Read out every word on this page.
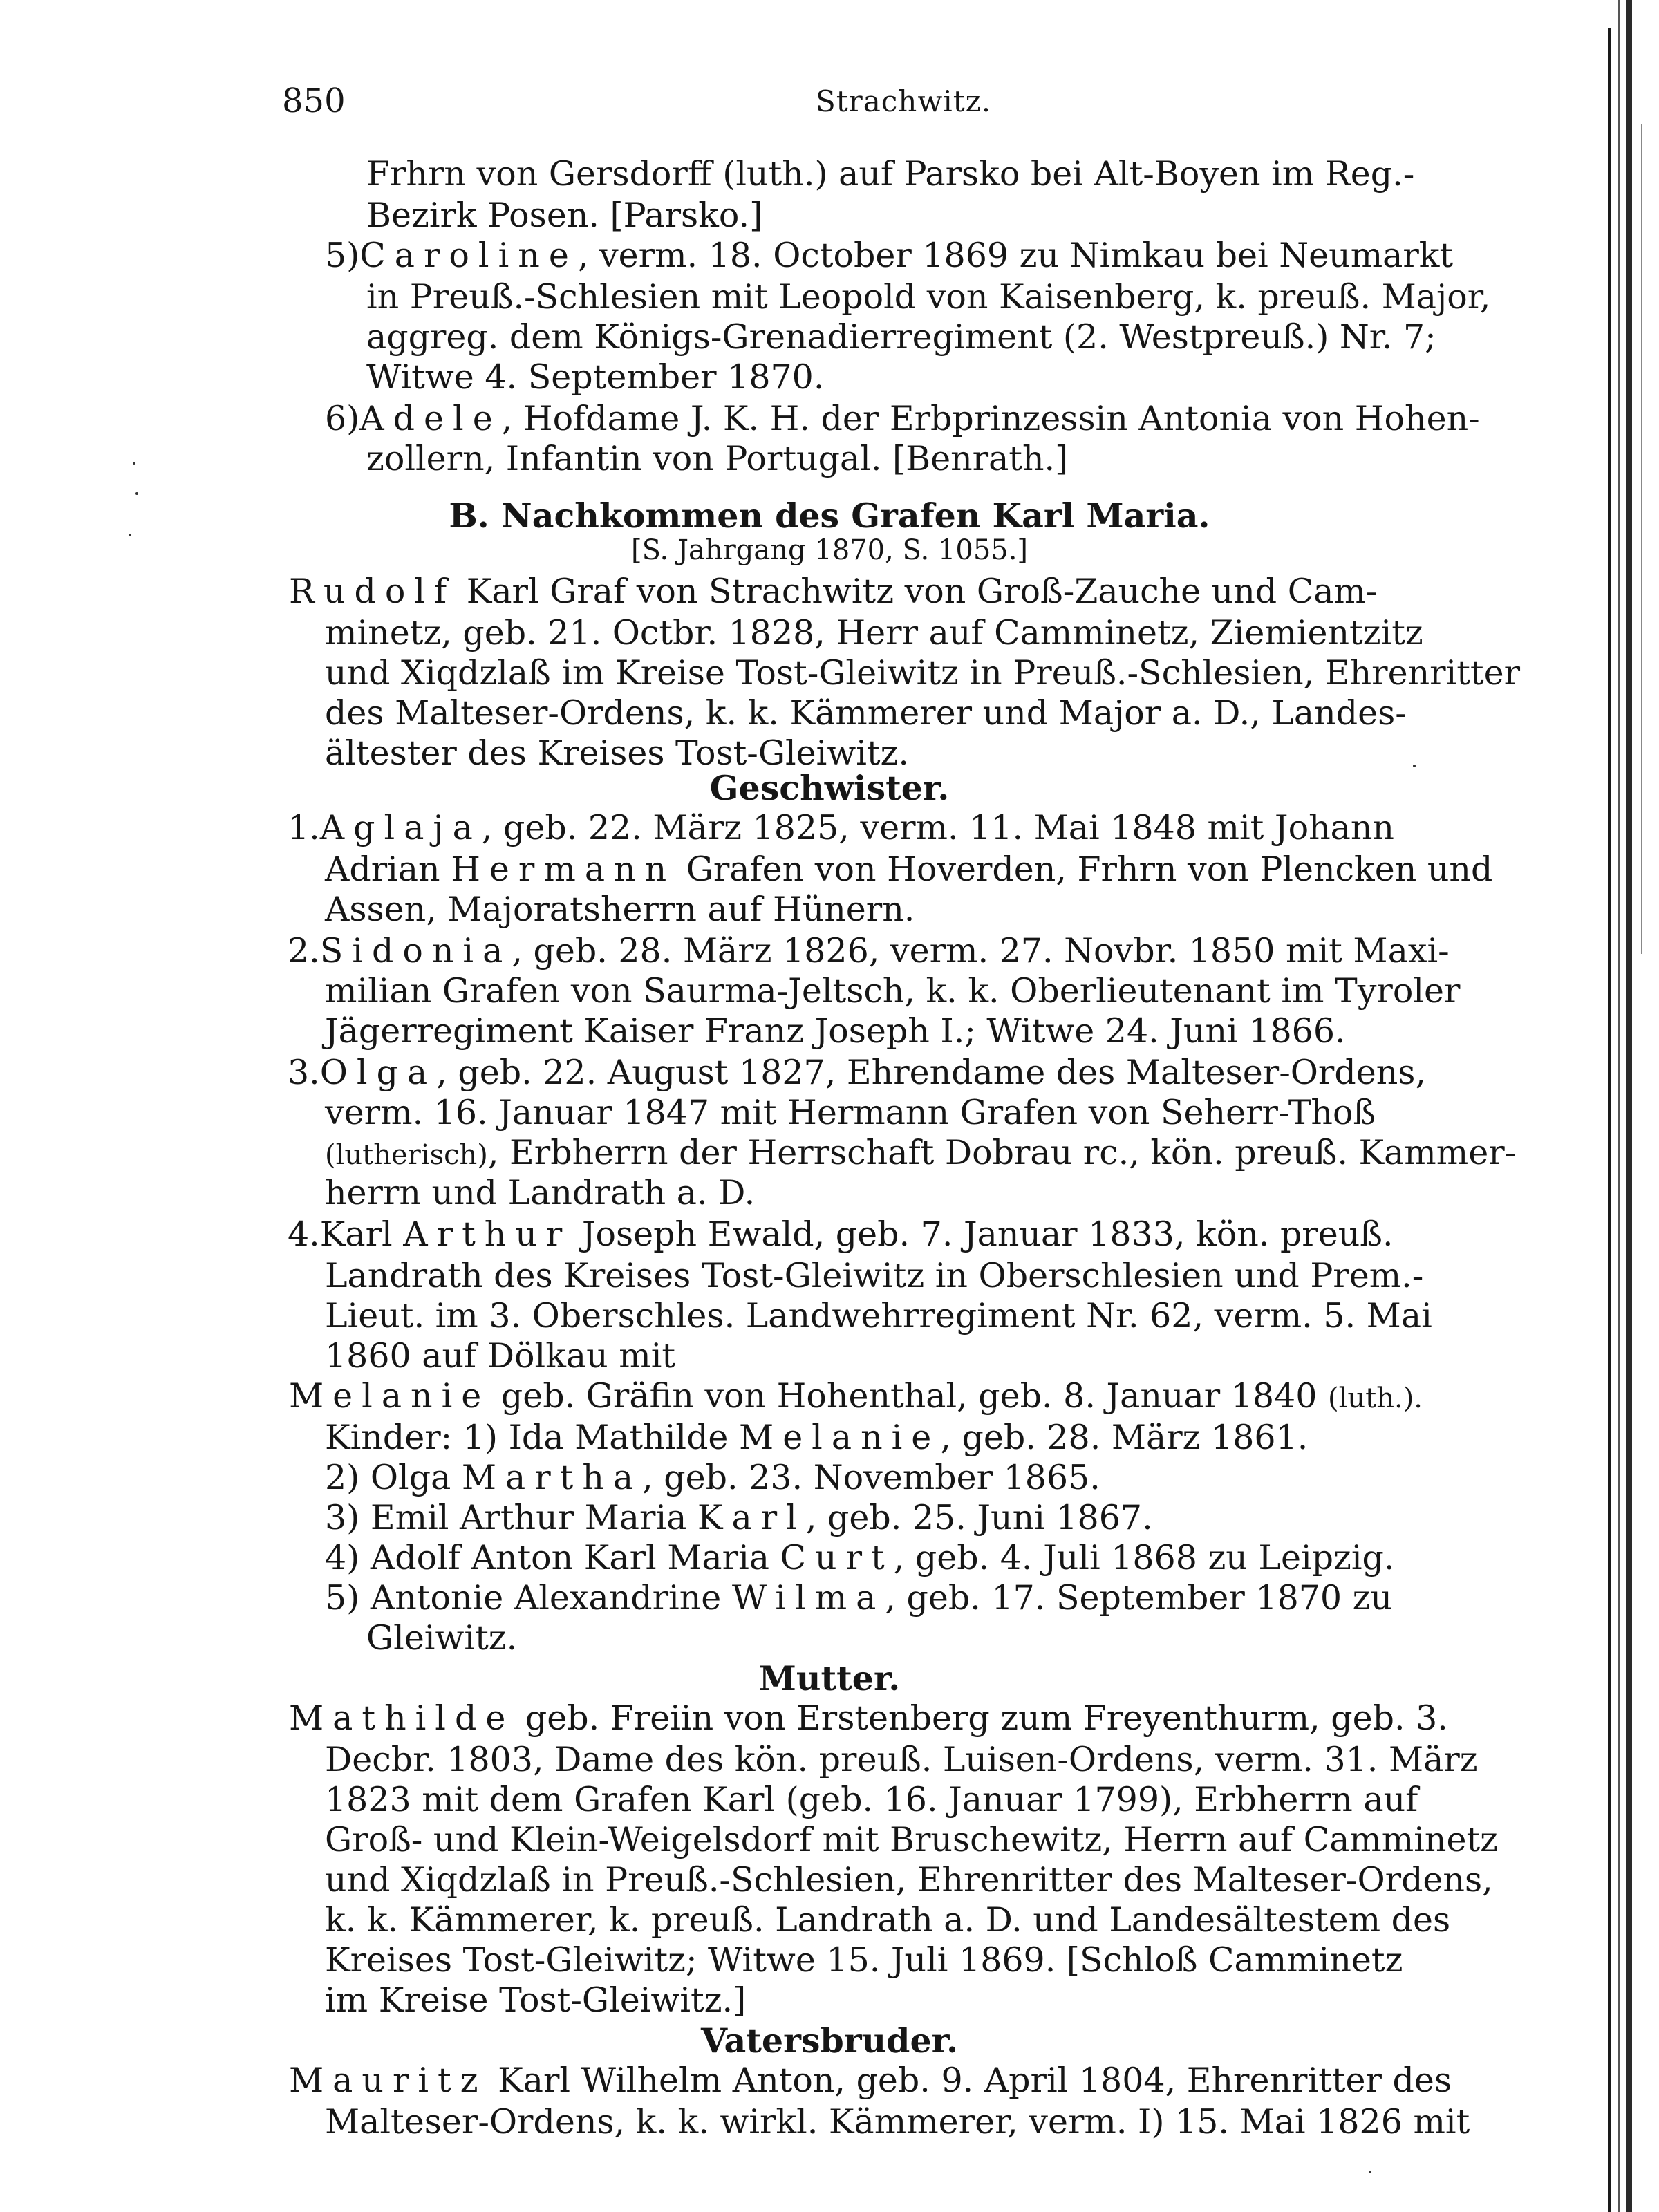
850	Strachwitz.
Frhrn von Gersdorff (luth.) auf Parsko bei Alt-Boyen im Reg.-
Bezirk Posen. [Parsko.]
5)Caroline, verm. 18. October 1869 zu Nimkau bei Neumarkt
in Preuß.-Schlesien mit Leopold von Kaisenberg, k. preuß. Major,
aggreg. dem Königs-Grenadierregiment (2. Westpreuß.) Nr. 7;
Witwe 4. September 1870.
6)Adele, Hofdame J. K. H. der Erbprinzessin Antonia von Hohen-
zollern, Infantin von Portugal. [Benrath.]
B. Nachkommen des Grafen Karl Maria.
[S. Jahrgang 1870, S. 1055.]
Rudolf Karl Graf von Strachwitz von Groß-Zauche und Cam-
minetz, geb. 21. Octbr. 1828, Herr auf Camminetz, Ziemientzitz
und Xiqdzlaß im Kreise Tost-Gleiwitz in Preuß.-Schlesien, Ehrenritter
des Malteser-Ordens, k. k. Kämmerer und Major a. D., Landes-
ältester des Kreises Tost-Gleiwitz.
Geschwister.
1.Aglaja, geb. 22. März 1825, verm. 11. Mai 1848 mit Johann
Adrian Hermann Grafen von Hoverden, Frhrn von Plencken und
Assen, Majoratsherrn auf Hünern.
2.Sidonia, geb. 28. März 1826, verm. 27. Novbr. 1850 mit Maxi-
milian Grafen von Saurma-Jeltsch, k. k. Oberlieutenant im Tyroler
Jägerregiment Kaiser Franz Joseph I.; Witwe 24. Juni 1866.
3.Olga, geb. 22. August 1827, Ehrendame des Malteser-Ordens,
verm. 16. Januar 1847 mit Hermann Grafen von Seherr-Thoß
(lutherisch), Erbherrn der Herrschaft Dobrau rc., kön. preuß. Kammer-
herrn und Landrath a. D.
4.Karl Arthur Joseph Ewald, geb. 7. Januar 1833, kön. preuß.
Landrath des Kreises Tost-Gleiwitz in Oberschlesien und Prem.-
Lieut. im 3. Oberschles. Landwehrregiment Nr. 62, verm. 5. Mai
1860 auf Dölkau mit
Melanie geb. Gräfin von Hohenthal, geb. 8. Januar 1840 (luth.).
Kinder: 1) Ida Mathilde Melanie, geb. 28. März 1861.
2) Olga Martha, geb. 23. November 1865.
3) Emil Arthur Maria Karl, geb. 25. Juni 1867.
4) Adolf Anton Karl Maria Curt, geb. 4. Juli 1868 zu Leipzig.
5) Antonie Alexandrine Wilma, geb. 17. September 1870 zu
Gleiwitz.
Mutter.
Mathilde geb. Freiin von Erstenberg zum Freyenthurm, geb. 3.
Decbr. 1803, Dame des kön. preuß. Luisen-Ordens, verm. 31. März
1823 mit dem Grafen Karl (geb. 16. Januar 1799), Erbherrn auf
Groß- und Klein-Weigelsdorf mit Bruschewitz, Herrn auf Camminetz
und Xiqdzlaß in Preuß.-Schlesien, Ehrenritter des Malteser-Ordens,
k. k. Kämmerer, k. preuß. Landrath a. D. und Landesältestem des
Kreises Tost-Gleiwitz; Witwe 15. Juli 1869. [Schloß Camminetz
im Kreise Tost-Gleiwitz.]
Vatersbruder.
Mauritz Karl Wilhelm Anton, geb. 9. April 1804, Ehrenritter des
Malteser-Ordens, k. k. wirkl. Kämmerer, verm. I) 15. Mai 1826 mit
